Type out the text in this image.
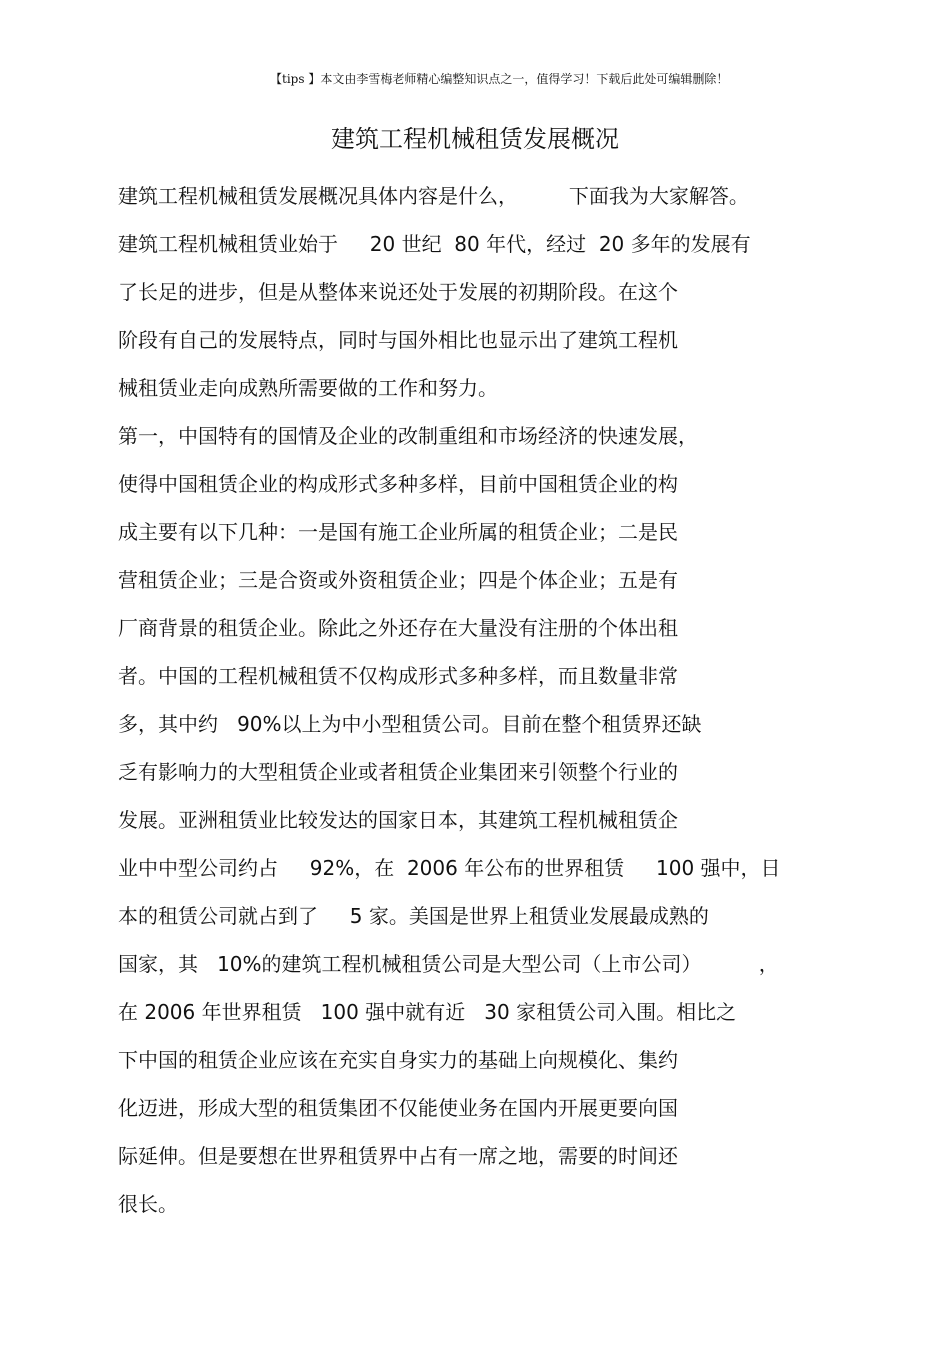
【tips 】本文由李雪梅老师精心编整知识点之一，值得学习！下载后此处可编辑删除！
建筑工程机械租赁发展概况
建筑工程机械租赁发展概况具体内容是什么，        下面我为大家解答。
建筑工程机械租赁业始于     20 世纪  80 年代，经过  20 多年的发展有
了长足的进步，但是从整体来说还处于发展的初期阶段。在这个
阶段有自己的发展特点，同时与国外相比也显示出了建筑工程机
械租赁业走向成熟所需要做的工作和努力。
第一，中国特有的国情及企业的改制重组和市场经济的快速发展，
使得中国租赁企业的构成形式多种多样，目前中国租赁企业的构
成主要有以下几种：一是国有施工企业所属的租赁企业；二是民
营租赁企业；三是合资或外资租赁企业；四是个体企业；五是有
厂商背景的租赁企业。除此之外还存在大量没有注册的个体出租
者。中国的工程机械租赁不仅构成形式多种多样，而且数量非常
多，其中约   90%以上为中小型租赁公司。目前在整个租赁界还缺
乏有影响力的大型租赁企业或者租赁企业集团来引领整个行业的
发展。亚洲租赁业比较发达的国家日本，其建筑工程机械租赁企
业中中型公司约占     92%，在  2006 年公布的世界租赁     100 强中，日
本的租赁公司就占到了     5 家。美国是世界上租赁业发展最成熟的
国家，其   10%的建筑工程机械租赁公司是大型公司（上市公司）         ，
在 2006 年世界租赁   100 强中就有近   30 家租赁公司入围。相比之
下中国的租赁企业应该在充实自身实力的基础上向规模化、集约
化迈进，形成大型的租赁集团不仅能使业务在国内开展更要向国
际延伸。但是要想在世界租赁界中占有一席之地，需要的时间还
很长。
